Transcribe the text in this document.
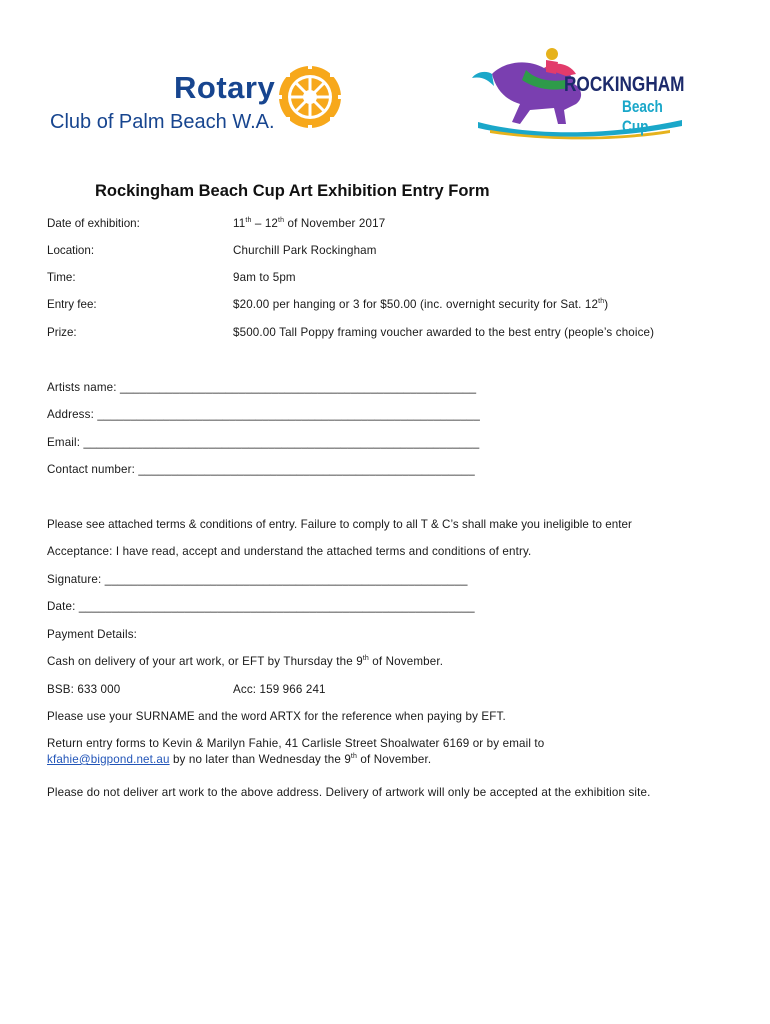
Rotary
Club of Palm Beach W.A.
ROCKINGHAM
Beach Cup
Rockingham Beach Cup Art Exhibition Entry Form
Date of exhibition:	11th – 12th of November 2017
Location:	Churchill Park Rockingham
Time:	9am to 5pm
Entry fee:	$20.00 per hanging or 3 for $50.00 (inc. overnight security for Sat. 12th)
Prize:	$500.00 Tall Poppy framing voucher awarded to the best entry (people’s choice)
Artists name: ______________________________________________________
Address: __________________________________________________________
Email: ____________________________________________________________
Contact number: ___________________________________________________
Please see attached terms & conditions of entry. Failure to comply to all T & C’s shall make you ineligible to enter
Acceptance: I have read, accept and understand the attached terms and conditions of entry.
Signature: _______________________________________________________
Date: ____________________________________________________________
Payment Details:
Cash on delivery of your art work, or EFT by Thursday the 9th of November.
BSB: 633 000	Acc: 159 966 241
Please use your SURNAME and the word ARTX for the reference when paying by EFT.
Return entry forms to Kevin & Marilyn Fahie, 41 Carlisle Street Shoalwater 6169 or by email to
kfahie@bigpond.net.au by no later than Wednesday the 9th of November.
Please do not deliver art work to the above address. Delivery of artwork will only be accepted at the exhibition site.
